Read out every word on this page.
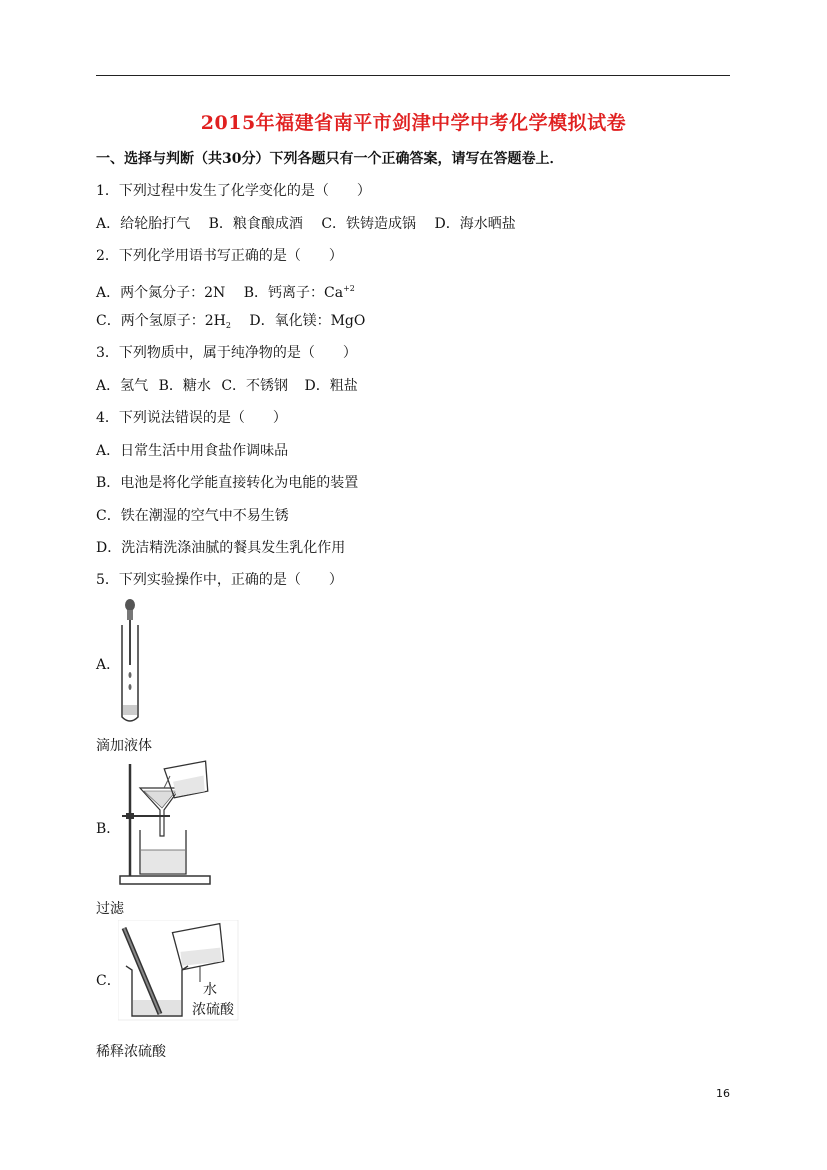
2015年福建省南平市剑津中学中考化学模拟试卷
一、选择与判断（共30分）下列各题只有一个正确答案，请写在答题卷上．
1．下列过程中发生了化学变化的是（　　）
A．给轮胎打气 B．粮食酿成酒 C．铁铸造成锅 D．海水晒盐
2．下列化学用语书写正确的是（　　）
A．两个氮分子：2N B．钙离子：$Ca^{+2}$
C．两个氢原子：$2H_2$ D．氧化镁：MgO
3．下列物质中，属于纯净物的是（　　）
A．氢气 B．糖水 C．不锈钢 D．粗盐
4．下列说法错误的是（　　）
A．日常生活中用食盐作调味品
B．电池是将化学能直接转化为电能的装置
C．铁在潮湿的空气中不易生锈
D．洗洁精洗涤油腻的餐具发生乳化作用
5．下列实验操作中，正确的是（　　）
A．
滴加液体
B．
过滤
C．
水
浓硫酸
稀释浓硫酸
16
